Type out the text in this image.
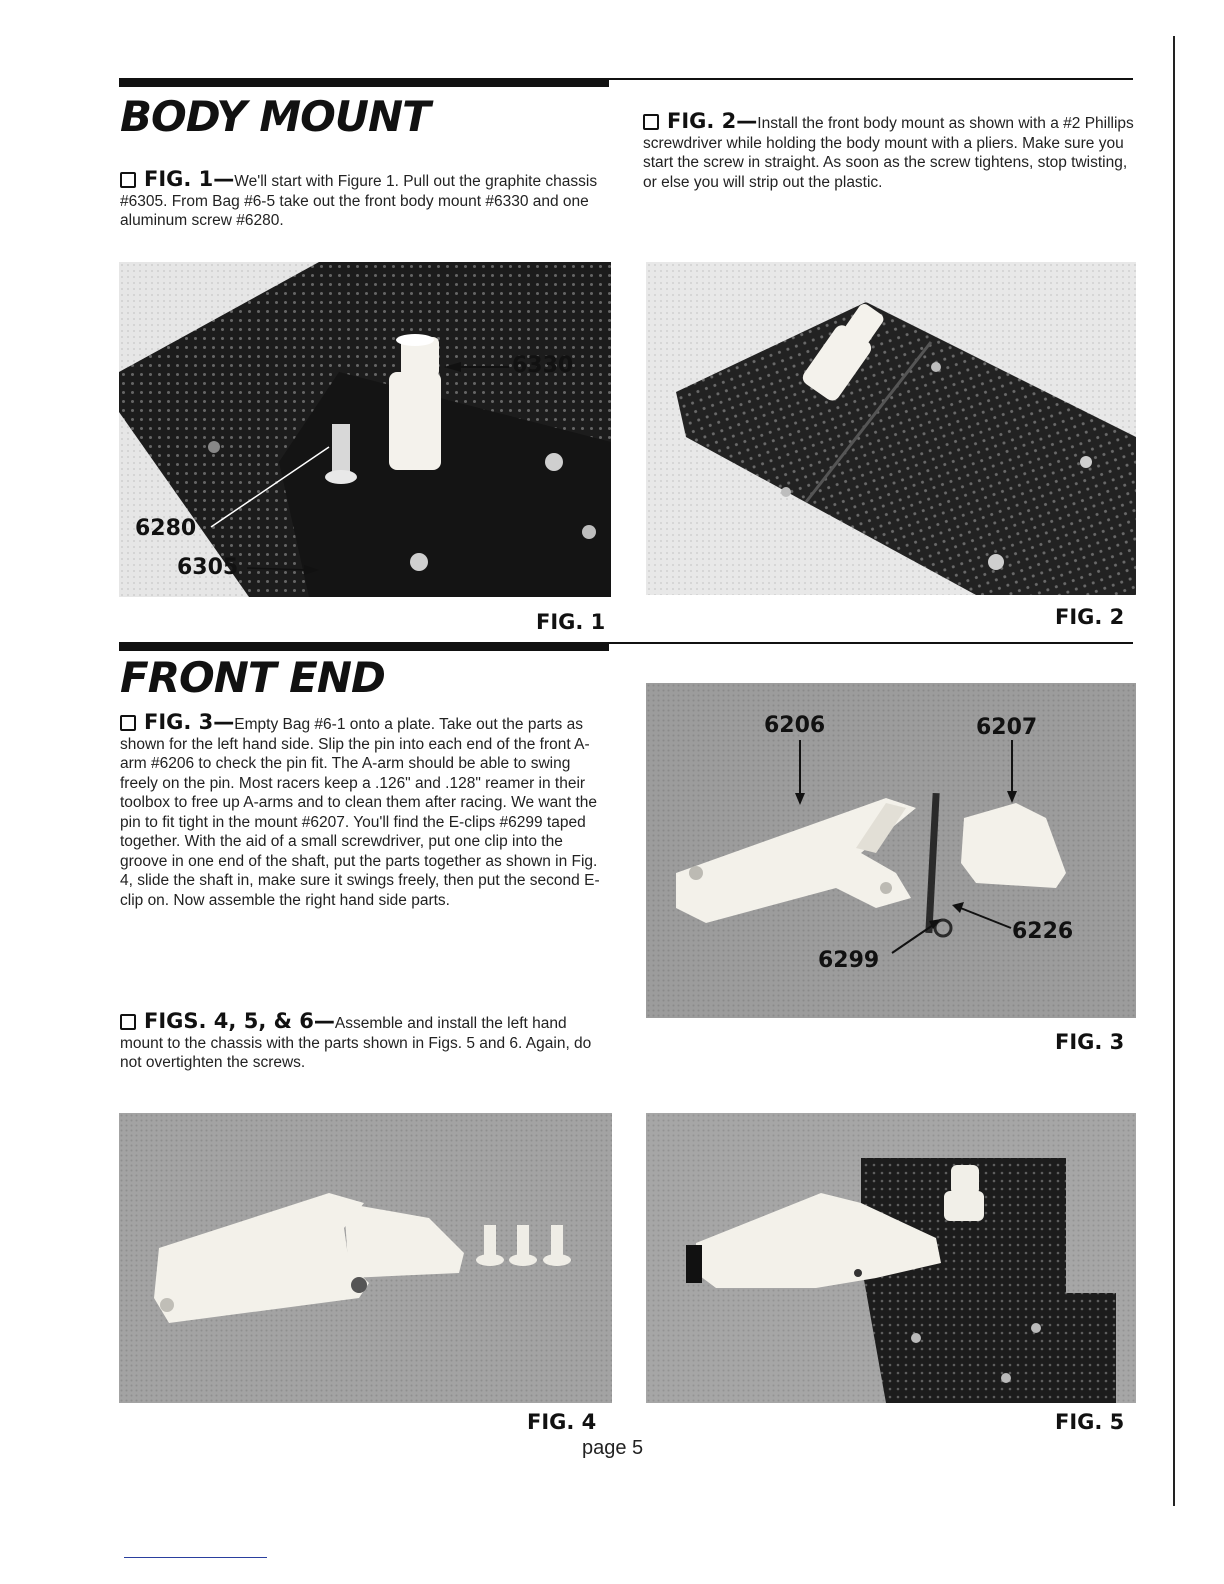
BODY MOUNT
FIG. 1—We'll start with Figure 1. Pull out the graphite chassis #6305. From Bag #6-5 take out the front body mount #6330 and one aluminum screw #6280.
FIG. 2—Install the front body mount as shown with a #2 Phillips screwdriver while holding the body mount with a pliers. Make sure you start the screw in straight. As soon as the screw tightens, stop twisting, or else you will strip out the plastic.
6330
6280
6305
FIG. 1	FIG. 2
FRONT END
FIG. 3—Empty Bag #6-1 onto a plate. Take out the parts as shown for the left hand side. Slip the pin into each end of the front A-arm #6206 to check the pin fit. The A-arm should be able to swing freely on the pin. Most racers keep a .126" and .128" reamer in their toolbox to free up A-arms and to clean them after racing. We want the pin to fit tight in the mount #6207. You'll find the E-clips #6299 taped together. With the aid of a small screwdriver, put one clip into the groove in one end of the shaft, put the parts together as shown in Fig. 4, slide the shaft in, make sure it swings freely, then put the second E-clip on. Now assemble the right hand side parts.
FIGS. 4, 5, & 6—Assemble and install the left hand mount to the chassis with the parts shown in Figs. 5 and 6. Again, do not overtighten the screws.
6206	6207
6226
6299
FIG. 3
FIG. 4	FIG. 5
page 5
